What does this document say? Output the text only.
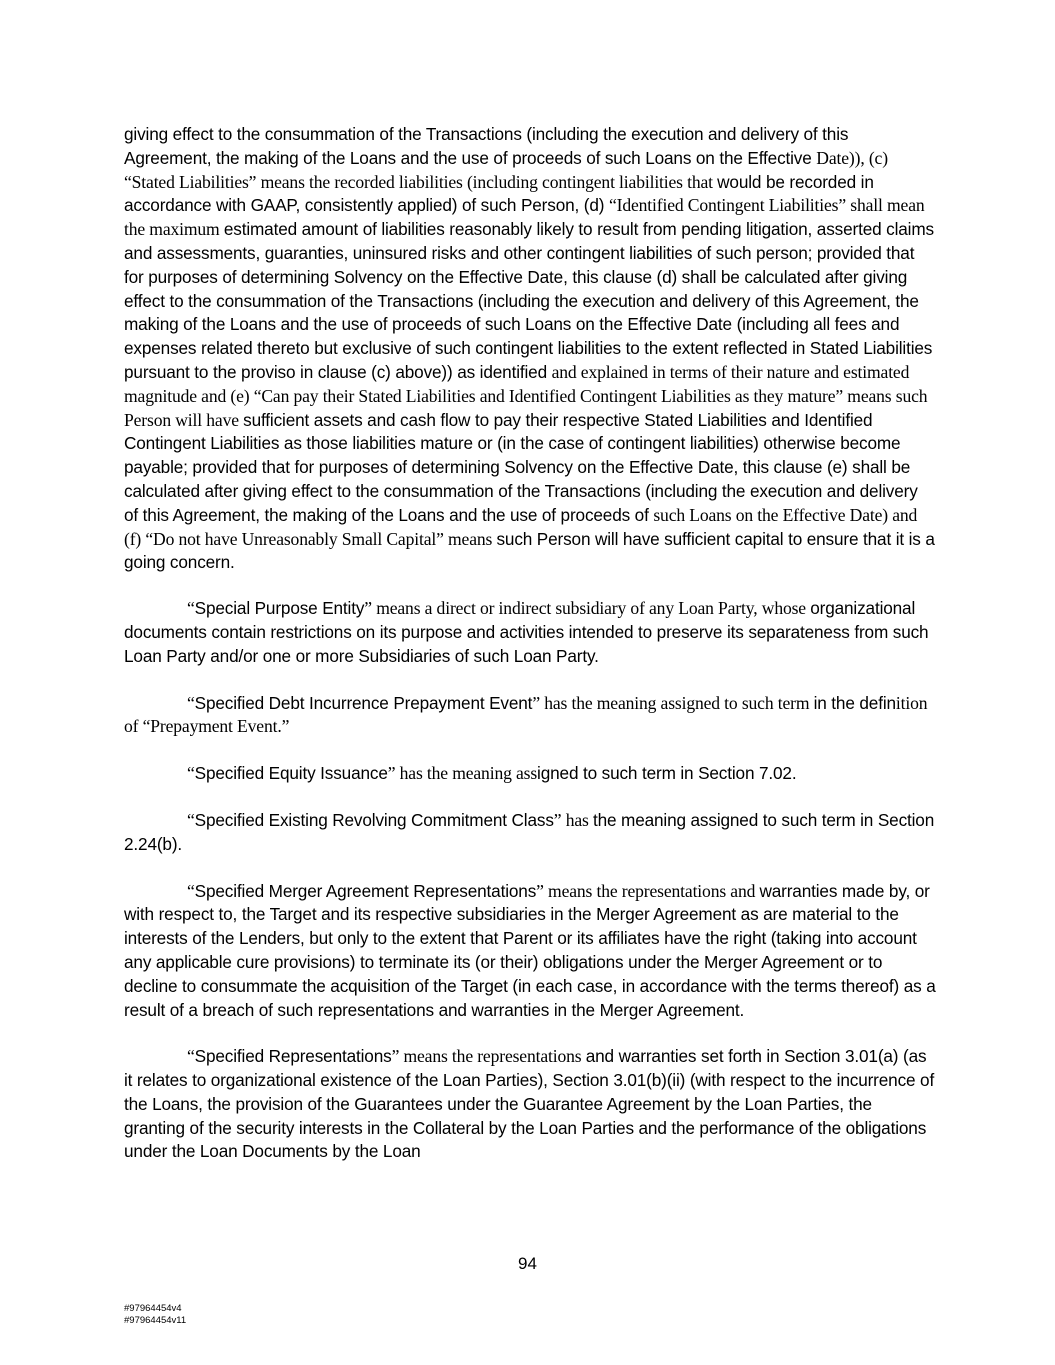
giving effect to the consummation of the Transactions (including the execution and delivery of this Agreement, the making of the Loans and the use of proceeds of such Loans on the Effective Date)), (c) “Stated Liabilities” means the recorded liabilities (including contingent liabilities that would be recorded in accordance with GAAP, consistently applied) of such Person, (d) “Identified Contingent Liabilities” shall mean the maximum estimated amount of liabilities reasonably likely to result from pending litigation, asserted claims and assessments, guaranties, uninsured risks and other contingent liabilities of such person; provided that for purposes of determining Solvency on the Effective Date, this clause (d) shall be calculated after giving effect to the consummation of the Transactions (including the execution and delivery of this Agreement, the making of the Loans and the use of proceeds of such Loans on the Effective Date (including all fees and expenses related thereto but exclusive of such contingent liabilities to the extent reflected in Stated Liabilities pursuant to the proviso in clause (c) above)) as identified and explained in terms of their nature and estimated magnitude and (e) “Can pay their Stated Liabilities and Identified Contingent Liabilities as they mature” means such Person will have sufficient assets and cash flow to pay their respective Stated Liabilities and Identified Contingent Liabilities as those liabilities mature or (in the case of contingent liabilities) otherwise become payable; provided that for purposes of determining Solvency on the Effective Date, this clause (e) shall be calculated after giving effect to the consummation of the Transactions (including the execution and delivery of this Agreement, the making of the Loans and the use of proceeds of such Loans on the Effective Date) and (f) “Do not have Unreasonably Small Capital” means such Person will have sufficient capital to ensure that it is a going concern.

“Special Purpose Entity” means a direct or indirect subsidiary of any Loan Party, whose organizational documents contain restrictions on its purpose and activities intended to preserve its separateness from such Loan Party and/or one or more Subsidiaries of such Loan Party.

“Specified Debt Incurrence Prepayment Event” has the meaning assigned to such term in the definition of “Prepayment Event.”

“Specified Equity Issuance” has the meaning assigned to such term in Section 7.02.

“Specified Existing Revolving Commitment Class” has the meaning assigned to such term in Section 2.24(b).

“Specified Merger Agreement Representations” means the representations and warranties made by, or with respect to, the Target and its respective subsidiaries in the Merger Agreement as are material to the interests of the Lenders, but only to the extent that Parent or its affiliates have the right (taking into account any applicable cure provisions) to terminate its (or their) obligations under the Merger Agreement or to decline to consummate the acquisition of the Target (in each case, in accordance with the terms thereof) as a result of a breach of such representations and warranties in the Merger Agreement.

“Specified Representations” means the representations and warranties set forth in Section 3.01(a) (as it relates to organizational existence of the Loan Parties), Section 3.01(b)(ii) (with respect to the incurrence of the Loans, the provision of the Guarantees under the Guarantee Agreement by the Loan Parties, the granting of the security interests in the Collateral by the Loan Parties and the performance of the obligations under the Loan Documents by the Loan

94
#97964454v4
#97964454v11
